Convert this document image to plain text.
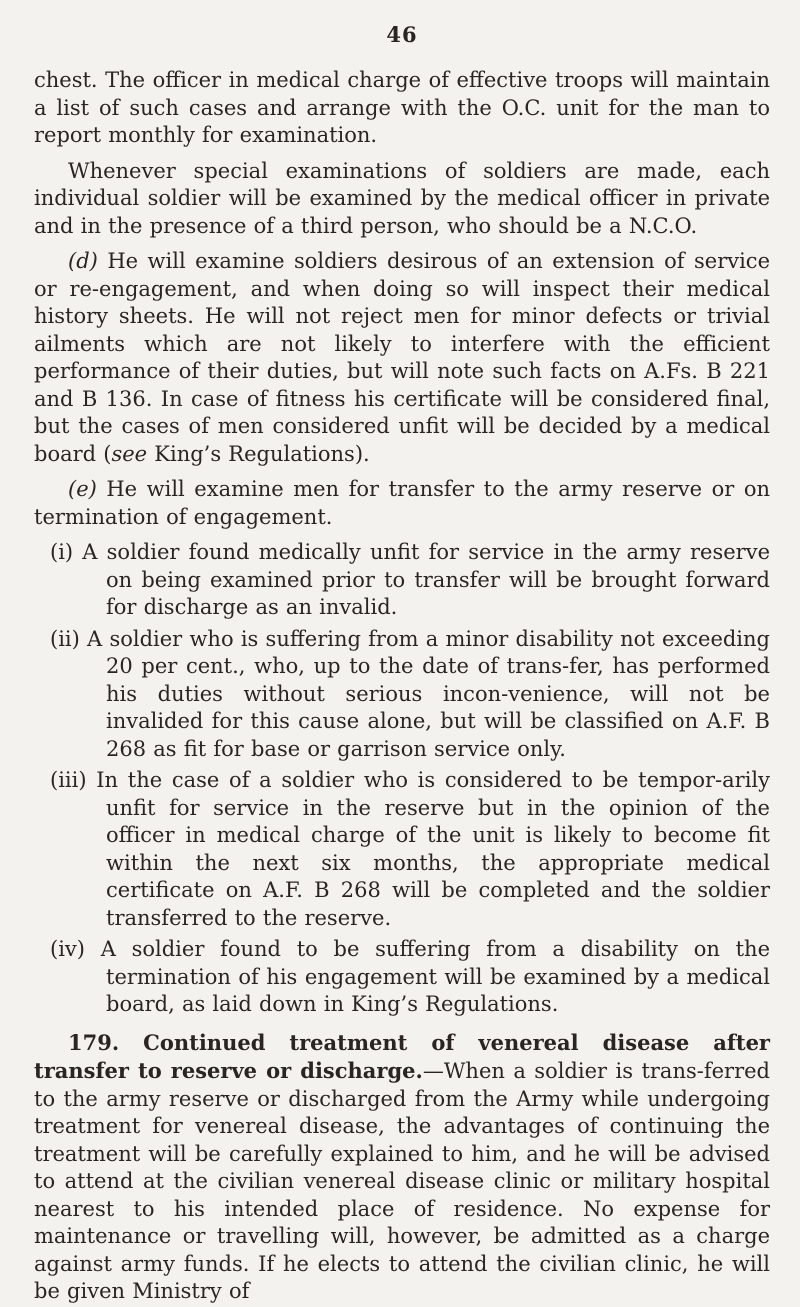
46

chest. The officer in medical charge of effective troops will maintain a list of such cases and arrange with the O.C. unit for the man to report monthly for examination.

Whenever special examinations of soldiers are made, each individual soldier will be examined by the medical officer in private and in the presence of a third person, who should be a N.C.O.

(d) He will examine soldiers desirous of an extension of service or re-engagement, and when doing so will inspect their medical history sheets. He will not reject men for minor defects or trivial ailments which are not likely to interfere with the efficient performance of their duties, but will note such facts on A.Fs. B 221 and B 136. In case of fitness his certificate will be considered final, but the cases of men considered unfit will be decided by a medical board (see King’s Regulations).

(e) He will examine men for transfer to the army reserve or on termination of engagement.

(i) A soldier found medically unfit for service in the army reserve on being examined prior to transfer will be brought forward for discharge as an invalid.

(ii) A soldier who is suffering from a minor disability not exceeding 20 per cent., who, up to the date of trans-fer, has performed his duties without serious incon-venience, will not be invalided for this cause alone, but will be classified on A.F. B 268 as fit for base or garrison service only.

(iii) In the case of a soldier who is considered to be tempor-arily unfit for service in the reserve but in the opinion of the officer in medical charge of the unit is likely to become fit within the next six months, the appropriate medical certificate on A.F. B 268 will be completed and the soldier transferred to the reserve.

(iv) A soldier found to be suffering from a disability on the termination of his engagement will be examined by a medical board, as laid down in King’s Regulations.

179. Continued treatment of venereal disease after transfer to reserve or discharge.—When a soldier is trans-ferred to the army reserve or discharged from the Army while undergoing treatment for venereal disease, the advantages of continuing the treatment will be carefully explained to him, and he will be advised to attend at the civilian venereal disease clinic or military hospital nearest to his intended place of residence. No expense for maintenance or travelling will, however, be admitted as a charge against army funds. If he elects to attend the civilian clinic, he will be given Ministry of
